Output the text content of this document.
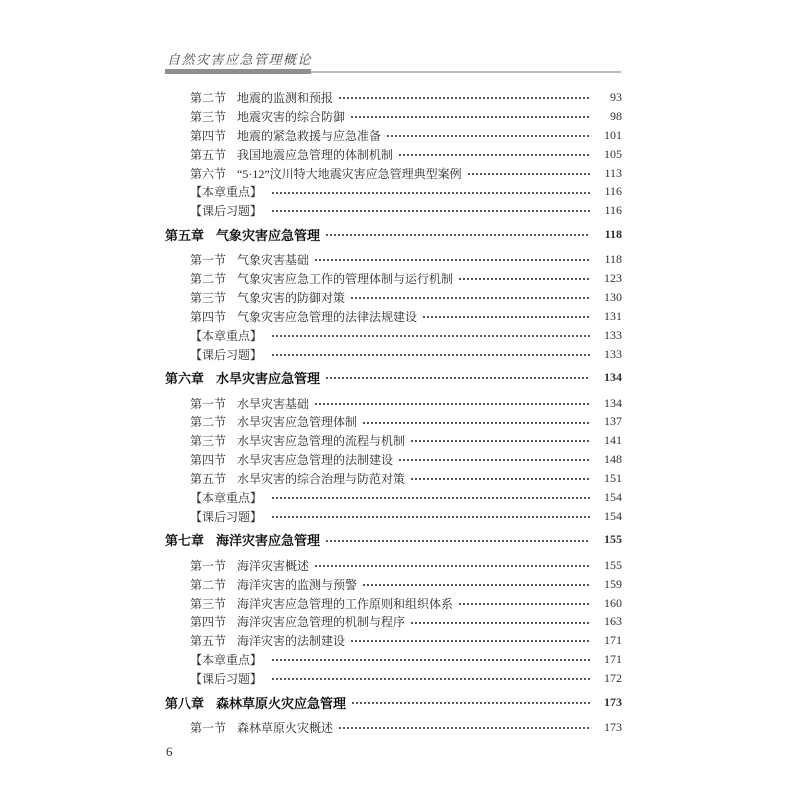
自然灾害应急管理概论
第二节 地震的监测和预报	93
第三节 地震灾害的综合防御	98
第四节 地震的紧急救援与应急准备	101
第五节 我国地震应急管理的体制机制	105
第六节 “5·12”汶川特大地震灾害应急管理典型案例	113
【本章重点】	116
【课后习题】	116
第五章 气象灾害应急管理	118
第一节 气象灾害基础	118
第二节 气象灾害应急工作的管理体制与运行机制	123
第三节 气象灾害的防御对策	130
第四节 气象灾害应急管理的法律法规建设	131
【本章重点】	133
【课后习题】	133
第六章 水旱灾害应急管理	134
第一节 水旱灾害基础	134
第二节 水旱灾害应急管理体制	137
第三节 水旱灾害应急管理的流程与机制	141
第四节 水旱灾害应急管理的法制建设	148
第五节 水旱灾害的综合治理与防范对策	151
【本章重点】	154
【课后习题】	154
第七章 海洋灾害应急管理	155
第一节 海洋灾害概述	155
第二节 海洋灾害的监测与预警	159
第三节 海洋灾害应急管理的工作原则和组织体系	160
第四节 海洋灾害应急管理的机制与程序	163
第五节 海洋灾害的法制建设	171
【本章重点】	171
【课后习题】	172
第八章 森林草原火灾应急管理	173
第一节 森林草原火灾概述	173
6
